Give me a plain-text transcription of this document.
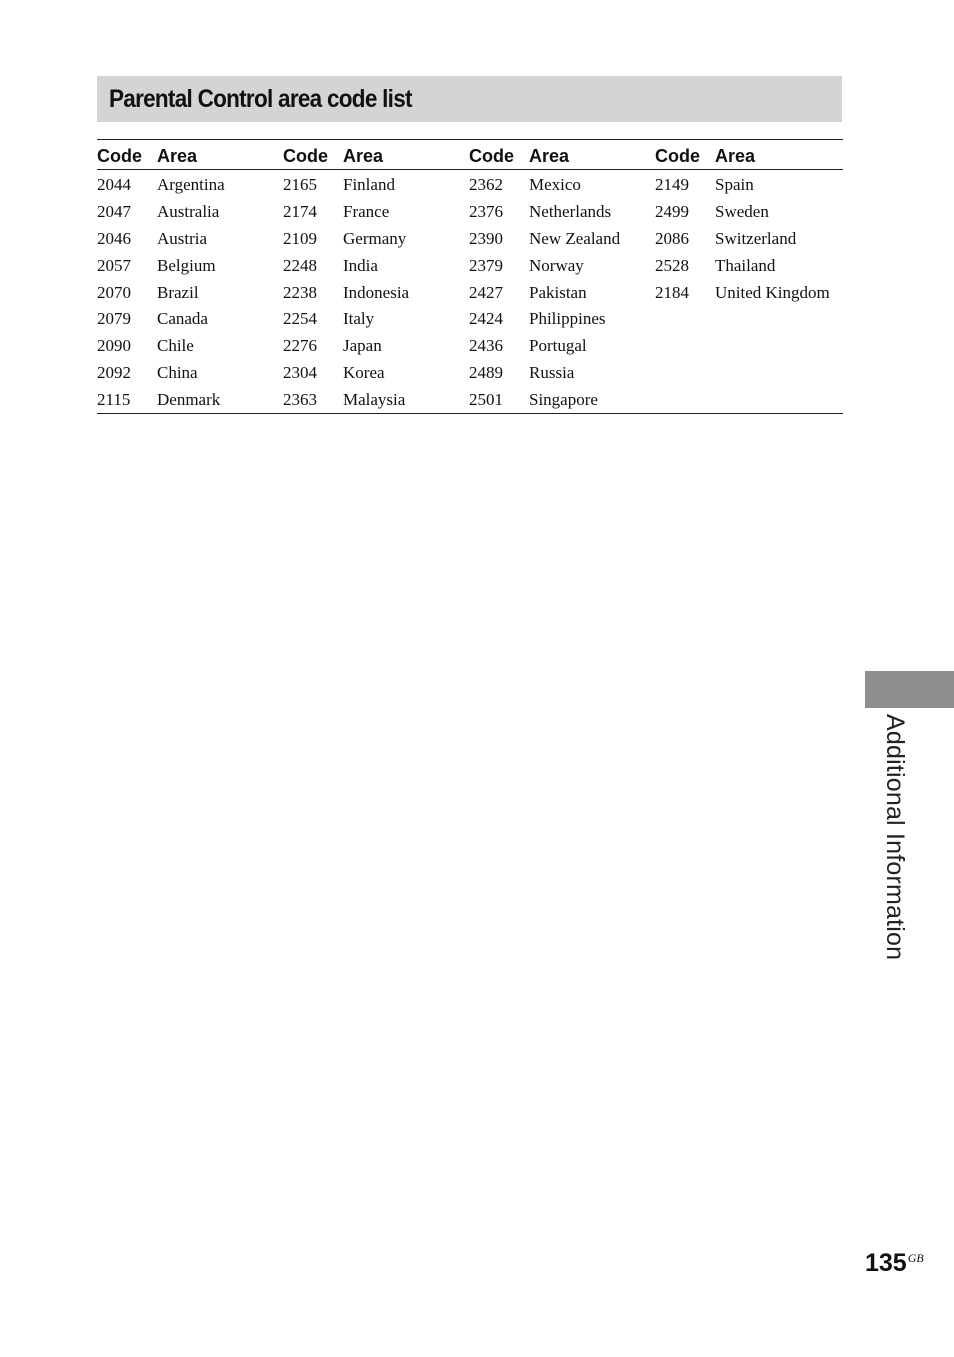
Parental Control area code list
Code	Area	Code	Area	Code	Area	Code	Area
2044	Argentina	2165	Finland	2362	Mexico	2149	Spain
2047	Australia	2174	France	2376	Netherlands	2499	Sweden
2046	Austria	2109	Germany	2390	New Zealand	2086	Switzerland
2057	Belgium	2248	India	2379	Norway	2528	Thailand
2070	Brazil	2238	Indonesia	2427	Pakistan	2184	United Kingdom
2079	Canada	2254	Italy	2424	Philippines		
2090	Chile	2276	Japan	2436	Portugal		
2092	China	2304	Korea	2489	Russia		
2115	Denmark	2363	Malaysia	2501	Singapore		
Additional Information
$135^{GB}$
